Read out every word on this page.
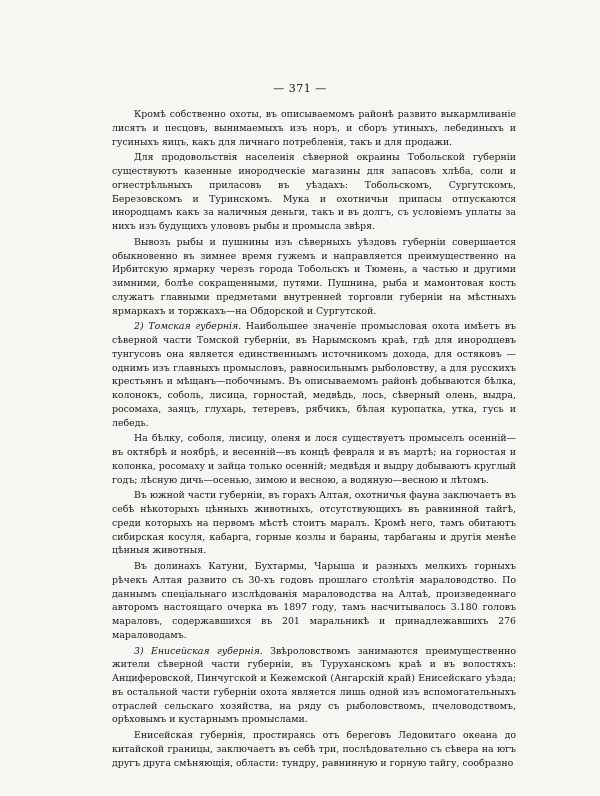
— 371 —

Кромѣ собственно охоты, въ описываемомъ районѣ развито выкармливаніе лисятъ и песцовъ, вынимаемыхъ изъ норъ, и сборъ утиныхъ, лебединыхъ и гусиныхъ яицъ, какъ для личнаго потребленія, такъ и для продажи.

Для продовольствія населенія сѣверной окраины Тобольской губерніи существуютъ казенные инородческіе магазины для запасовъ хлѣба, соли и огнестрѣльныхъ приласовъ въ уѣздахъ: Тобольскомъ, Сургутскомъ, Березовскомъ и Туринскомъ. Мука и охотничьи припасы отпускаются инородцамъ какъ за наличныя деньги, такъ и въ долгъ, съ условіемъ уплаты за нихъ изъ будущихъ улововъ рыбы и промысла звѣря.

Вывозъ рыбы и пушнины изъ сѣверныхъ уѣздовъ губерніи совершается обыкновенно въ зимнее время гужемъ и направляется преимущественно на Ирбитскую ярмарку черезъ города Тобольскъ и Тюмень, а частью и другими зимними, болѣе сокращенными, путями. Пушнина, рыба и мамонтовая кость служатъ главными предметами внутренней торговли губерніи на мѣстныхъ ярмаркахъ и торжкахъ—на Обдорской и Сургутской.

2) Томская губернія. Наибольшее значеніе промысловая охота имѣетъ въ сѣверной части Томской губерніи, въ Нарымскомъ краѣ, гдѣ для инородцевъ тунгусовъ она является единственнымъ источникомъ дохода, для остяковъ — однимъ изъ главныхъ промысловъ, равносильнымъ рыболовству, а для русскихъ крестьянъ и мѣщанъ—побочнымъ. Въ описываемомъ районѣ добываются бѣлка, колонокъ, соболь, лисица, горностай, медвѣдь, лось, сѣверный олень, выдра, росомаха, заяцъ, глухарь, тетеревъ, рябчикъ, бѣлая куропатка, утка, гусь и лебедь.

На бѣлку, соболя, лисицу, оленя и лося существуетъ промыселъ осенній—въ октябрѣ и ноябрѣ, и весенній—въ концѣ февраля и въ мартѣ; на горностая и колонка, росомаху и зайца только осенній; медвѣдя и выдру добываютъ круглый годъ; лѣсную дичь—осенью, зимою и весною, а водяную—весною и лѣтомъ.

Въ южной части губерніи, въ горахъ Алтая, охотничья фауна заключаетъ въ себѣ нѣкоторыхъ цѣнныхъ животныхъ, отсутствующихъ въ равнинной тайгѣ, среди которыхъ на первомъ мѣстѣ стоитъ маралъ. Кромѣ него, тамъ обитаютъ сибирская косуля, кабарга, горные козлы и бараны, тарбаганы и другія менѣе цѣнныя животныя.

Въ долинахъ Катуни, Бухтармы, Чарыша и разныхъ мелкихъ горныхъ рѣчекъ Алтая развито съ 30-хъ годовъ прошлаго столѣтія мараловодство. По даннымъ спеціальнаго изслѣдованія мараловодства на Алтаѣ, произведеннаго авторомъ настоящаго очерка въ 1897 году, тамъ насчитывалось 3.180 головъ мараловъ, содержавшихся въ 201 маральникѣ и принадлежавшихъ 276 мараловодамъ.

3) Енисейская губернія. Звѣроловствомъ занимаются преимущественно жители сѣверной части губерніи, въ Туруханскомъ краѣ и въ волостяхъ: Анциферовской, Пинчугской и Кежемской (Ангарскій край) Енисейскаго уѣзда; въ остальной части губерніи охота является лишь одной изъ вспомогательныхъ отраслей сельскаго хозяйства, на ряду съ рыболовствомъ, пчеловодствомъ, орѣховымъ и кустарнымъ промыслами.

Енисейская губернія, простираясь отъ береговъ Ледовитаго океана до китайской границы, заключаетъ въ себѣ три, послѣдовательно съ сѣвера на югъ другъ друга смѣняющія, области: тундру, равнинную и горную тайгу, сообразно
